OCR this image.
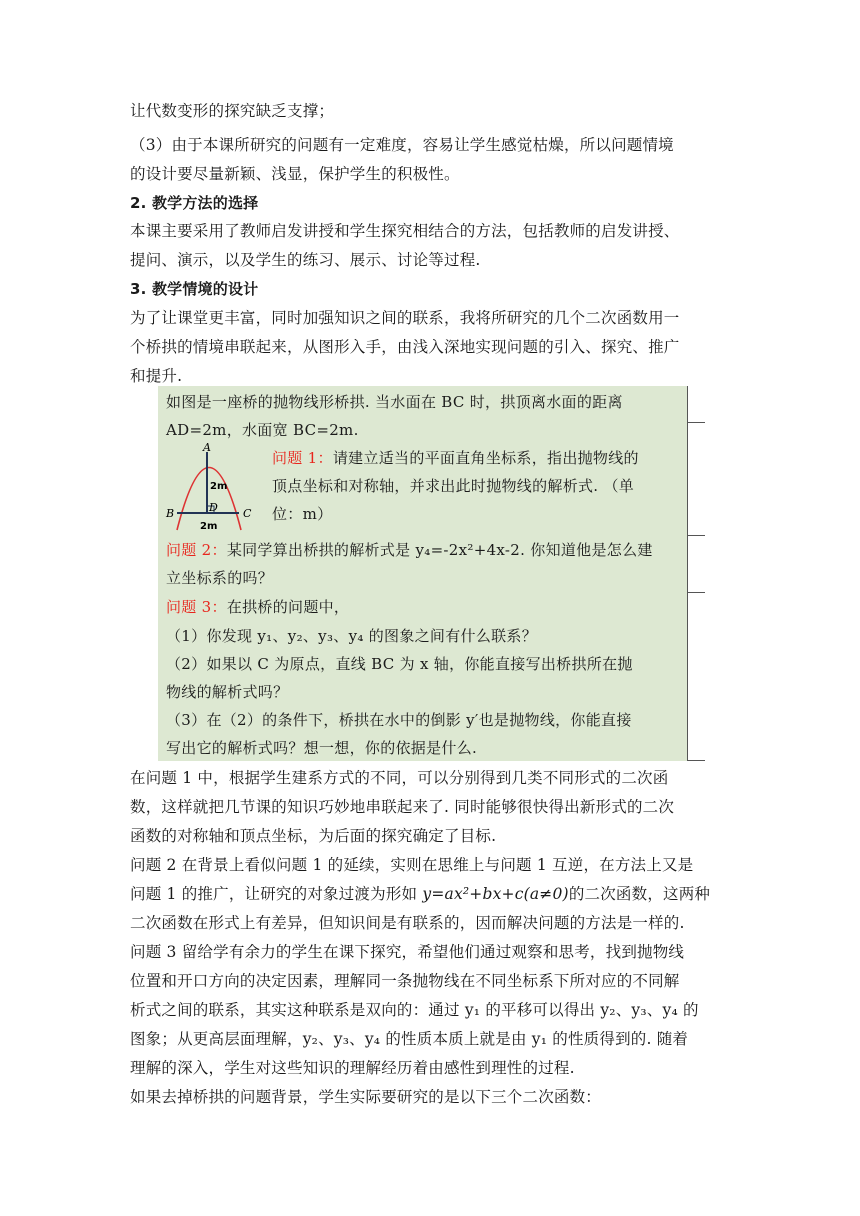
让代数变形的探究缺乏支撑；
（3）由于本课所研究的问题有一定难度，容易让学生感觉枯燥，所以问题情境
的设计要尽量新颖、浅显，保护学生的积极性。
2. 教学方法的选择
本课主要采用了教师启发讲授和学生探究相结合的方法，包括教师的启发讲授、
提问、演示，以及学生的练习、展示、讨论等过程.
3. 教学情境的设计
为了让课堂更丰富，同时加强知识之间的联系，我将所研究的几个二次函数用一
个桥拱的情境串联起来，从图形入手，由浅入深地实现问题的引入、探究、推广
和提升.
在问题 1 中，根据学生建系方式的不同，可以分别得到几类不同形式的二次函
数，这样就把几节课的知识巧妙地串联起来了. 同时能够很快得出新形式的二次
函数的对称轴和顶点坐标，为后面的探究确定了目标.
问题 2 在背景上看似问题 1 的延续，实则在思维上与问题 1 互逆，在方法上又是
问题 1 的推广，让研究的对象过渡为形如 y=ax²+bx+c(a≠0)的二次函数，这两种
二次函数在形式上有差异，但知识间是有联系的，因而解决问题的方法是一样的.
问题 3 留给学有余力的学生在课下探究，希望他们通过观察和思考，找到抛物线
位置和开口方向的决定因素，理解同一条抛物线在不同坐标系下所对应的不同解
析式之间的联系，其实这种联系是双向的：通过 y₁ 的平移可以得出 y₂、y₃、y₄ 的
图象；从更高层面理解，y₂、y₃、y₄ 的性质本质上就是由 y₁ 的性质得到的. 随着
理解的深入，学生对这些知识的理解经历着由感性到理性的过程.
如果去掉桥拱的问题背景，学生实际要研究的是以下三个二次函数：
如图是一座桥的抛物线形桥拱. 当水面在 BC 时，拱顶离水面的距离
AD=2m，水面宽 BC=2m.
A
B	C
D
2m
2m
问题 1：请建立适当的平面直角坐标系，指出抛物线的
顶点坐标和对称轴，并求出此时抛物线的解析式. （单
位：m）
问题 2：某同学算出桥拱的解析式是 y₄=-2x²+4x-2. 你知道他是怎么建
立坐标系的吗？
问题 3：在拱桥的问题中，
（1）你发现 y₁、y₂、y₃、y₄ 的图象之间有什么联系？
（2）如果以 C 为原点，直线 BC 为 x 轴，你能直接写出桥拱所在抛
物线的解析式吗？
（3）在（2）的条件下，桥拱在水中的倒影 y′也是抛物线，你能直接
写出它的解析式吗？想一想，你的依据是什么.
